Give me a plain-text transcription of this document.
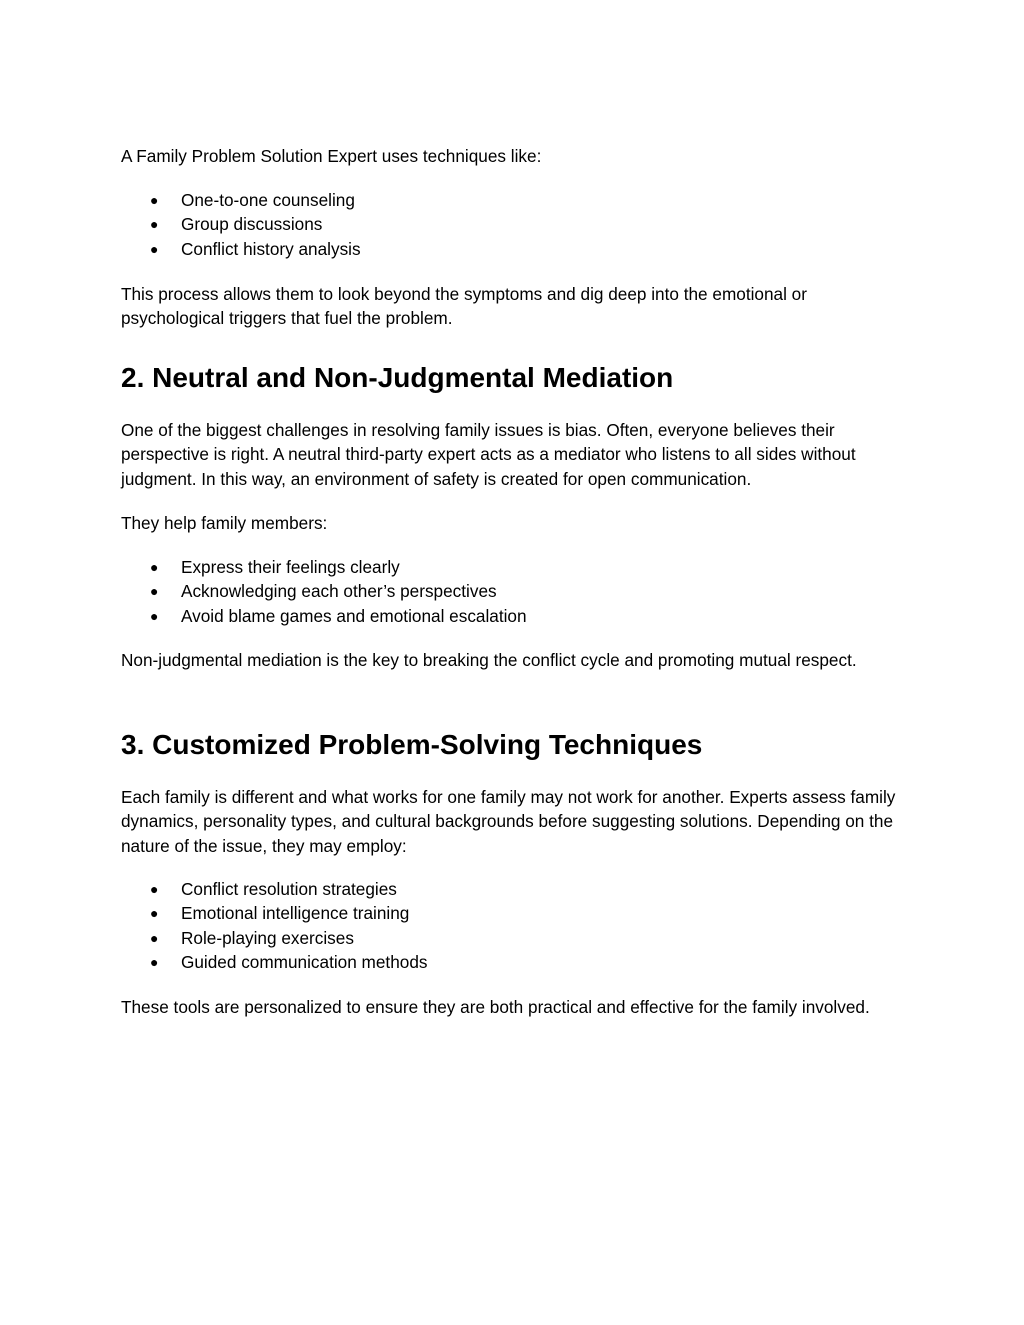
A Family Problem Solution Expert uses techniques like:

● One-to-one counseling
● Group discussions
● Conflict history analysis

This process allows them to look beyond the symptoms and dig deep into the emotional or psychological triggers that fuel the problem.

2. Neutral and Non-Judgmental Mediation

One of the biggest challenges in resolving family issues is bias. Often, everyone believes their perspective is right. A neutral third-party expert acts as a mediator who listens to all sides without judgment. In this way, an environment of safety is created for open communication.

They help family members:

● Express their feelings clearly
● Acknowledging each other’s perspectives
● Avoid blame games and emotional escalation

Non-judgmental mediation is the key to breaking the conflict cycle and promoting mutual respect.

3. Customized Problem-Solving Techniques

Each family is different and what works for one family may not work for another. Experts assess family dynamics, personality types, and cultural backgrounds before suggesting solutions. Depending on the nature of the issue, they may employ:

● Conflict resolution strategies
● Emotional intelligence training
● Role-playing exercises
● Guided communication methods

These tools are personalized to ensure they are both practical and effective for the family involved.
